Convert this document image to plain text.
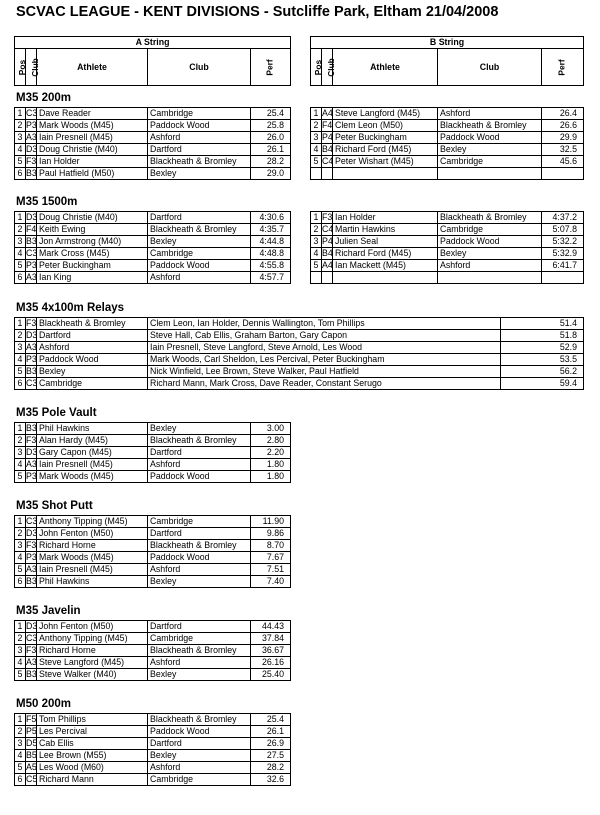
SCVAC LEAGUE - KENT DIVISIONS - Sutcliffe Park, Eltham 21/04/2008
A String
Pos	Club	Athlete	Club	Perf
B String
Pos	Club	Athlete	Club	Perf
M35 200m
1	C3	Dave Reader	Cambridge	25.4
2	P3	Mark Woods (M45)	Paddock Wood	25.8
3	A3	Iain Presnell (M45)	Ashford	26.0
4	D3	Doug Christie (M40)	Dartford	26.1
5	F3	Ian Holder	Blackheath & Bromley	28.2
6	B3	Paul Hatfield (M50)	Bexley	29.0
1	A4	Steve Langford (M45)	Ashford	26.4
2	F4	Clem Leon (M50)	Blackheath & Bromley	26.6
3	P4	Peter Buckingham	Paddock Wood	29.9
4	B4	Richard Ford (M45)	Bexley	32.5
5	C4	Peter Wishart (M45)	Cambridge	45.6

M35 1500m
1	D3	Doug Christie (M40)	Dartford	4:30.6
2	F4	Keith Ewing	Blackheath & Bromley	4:35.7
3	B3	Jon Armstrong (M40)	Bexley	4:44.8
4	C3	Mark Cross (M45)	Cambridge	4:48.8
5	P3	Peter Buckingham	Paddock Wood	4:55.8
6	A3	Ian King	Ashford	4:57.7
1	F3	Ian Holder	Blackheath & Bromley	4:37.2
2	C4	Martin Hawkins	Cambridge	5:07.8
3	P4	Julien Seal	Paddock Wood	5:32.2
4	B4	Richard Ford (M45)	Bexley	5:32.9
5	A4	Ian Mackett (M45)	Ashford	6:41.7

M35 4x100m Relays
1	F3	Blackheath & Bromley	Clem Leon, Ian Holder, Dennis Wallington, Tom Phillips	51.4
2	D3	Dartford	Steve Hall, Cab Ellis, Graham Barton, Gary Capon	51.8
3	A3	Ashford	Iain Presnell, Steve Langford, Steve Arnold, Les Wood	52.9
4	P3	Paddock Wood	Mark Woods, Carl Sheldon, Les Percival, Peter Buckingham	53.5
5	B3	Bexley	Nick Winfield, Lee Brown, Steve Walker, Paul Hatfield	56.2
6	C3	Cambridge	Richard Mann, Mark Cross, Dave Reader, Constant Serugo	59.4
M35 Pole Vault
1	B3	Phil Hawkins	Bexley	3.00
2	F3	Alan Hardy (M45)	Blackheath & Bromley	2.80
3	D3	Gary Capon (M45)	Dartford	2.20
4	A3	Iain Presnell (M45)	Ashford	1.80
5	P3	Mark Woods (M45)	Paddock Wood	1.80
M35 Shot Putt
1	C3	Anthony Tipping (M45)	Cambridge	11.90
2	D3	John Fenton (M50)	Dartford	9.86
3	F3	Richard Horne	Blackheath & Bromley	8.70
4	P3	Mark Woods (M45)	Paddock Wood	7.67
5	A3	Iain Presnell (M45)	Ashford	7.51
6	B3	Phil Hawkins	Bexley	7.40
M35 Javelin
1	D3	John Fenton (M50)	Dartford	44.43
2	C3	Anthony Tipping (M45)	Cambridge	37.84
3	F3	Richard Horne	Blackheath & Bromley	36.67
4	A3	Steve Langford (M45)	Ashford	26.16
5	B3	Steve Walker (M40)	Bexley	25.40
M50 200m
1	F5	Tom Phillips	Blackheath & Bromley	25.4
2	P5	Les Percival	Paddock Wood	26.1
3	D5	Cab Ellis	Dartford	26.9
4	B5	Lee Brown (M55)	Bexley	27.5
5	A5	Les Wood (M60)	Ashford	28.2
6	C5	Richard Mann	Cambridge	32.6
